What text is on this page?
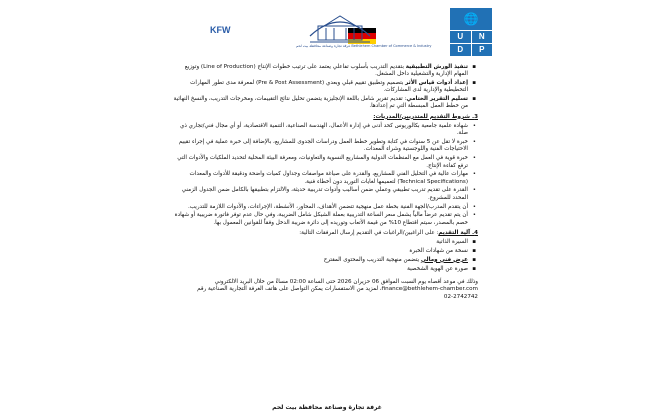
KFW
غرفة تجارة وصناعة محافظة بيت لحم Bethlehem Chamber of Commerce & Industry
🌐
U	N
D	P
▪ تنفيذ الورش التطبيقية بتقديم التدريب بأسلوب تفاعلي يعتمد على ترتيب خطوات الإنتاج (Line of Production) وتوزيع المهام الإدارية والتشغيلية داخل المشغل.
▪ إعداد أدوات قياس الأثر بتصميم وتطبيق تقييم قبلي وبعدي (Pre & Post Assessment) لمعرفة مدى تطور المهارات التخطيطية والإدارية لدى المشاركات.
▪ تسليم التقرير الختامي: تقديم تقرير شامل باللغة الإنجليزية يتضمن تحليل نتائج التقييمات، ومخرجات التدريب، والنسخ النهائية من خطط العمل المبسطة التي تم إعدادها.
3. شروط التقديم للمتدربين/المدربات:
• شهادة علمية جامعية بكالوريوس كحد أدنى في إدارة الأعمال، الهندسة الصناعية، التنمية الاقتصادية، أو أي مجال فني/تجاري ذي صلة.
• خبرة لا تقل عن 5 سنوات في كتابة وتطوير خطط العمل ودراسات الجدوى للمشاريع، بالإضافة إلى خبرة عملية في إجراء تقييم الاحتياجات الفنية واللوجستية وشراء المعدات.
• خبرة قوية في العمل مع المنظمات الدولية والمشاريع النسوية والتعاونيات، ومعرفة البيئة المحلية لتحديد الملكيات والأدوات التي ترفع كفاءة الإنتاج.
• مهارات عالية في التحليل الفني للمشاريع، والقدرة على صياغة مواصفات وجداول كميات واضحة ودقيقة للأدوات والمعدات (Technical Specifications) لتعميمها لغايات التوريد دون أخطاء فنية.
• القدرة على تقديم تدريب تطبيقي وعملي ضمن أساليب وأدوات تدريبية حديثة، والالتزام بتطبيقها بالكامل ضمن الجدول الزمني المحدد للمشروع.
• أن يتقدم المدرب/الجهة الفنية بخطة عمل منهجية تتضمن الأهداف، المحاور، الأنشطة، الإجراءات، والأدوات اللازمة للتدريب.
• أن يتم تقديم عرضاً مالياً يشمل سعر الساعة التدريبية بعملة الشيكل شامل الضريبة، وفي حال عدم توفر فاتورة ضريبية أو شهادة خصم بالمصدر، سيتم اقتطاع 10% من قيمة الأتعاب وتوريده إلى دائرة ضريبة الدخل وفقاً للقوانين المعمول بها.
4. آلية التقديم: على الراغبين/الراغبات في التقديم إرسال المرفقات التالية:
▪ السيرة الذاتية
▪ نسخة من شهادات الخبرة
▪ عرض فني ومالي يتضمن منهجية التدريب والمحتوى المقترح
▪ صورة عن الهوية الشخصية
وذلك في موعد أقصاه يوم السبت الموافق 06 حزيران 2026 حتى الساعة 02:00 مساءً من خلال البريد الالكتروني finance@bethlehem-chamber.com، لمزيد من الاستفسارات يمكن التواصل على هاتف الغرفة التجارية الصناعية رقم 2742742-02
غرفة تجارة وصناعة محافظة بيت لحم
